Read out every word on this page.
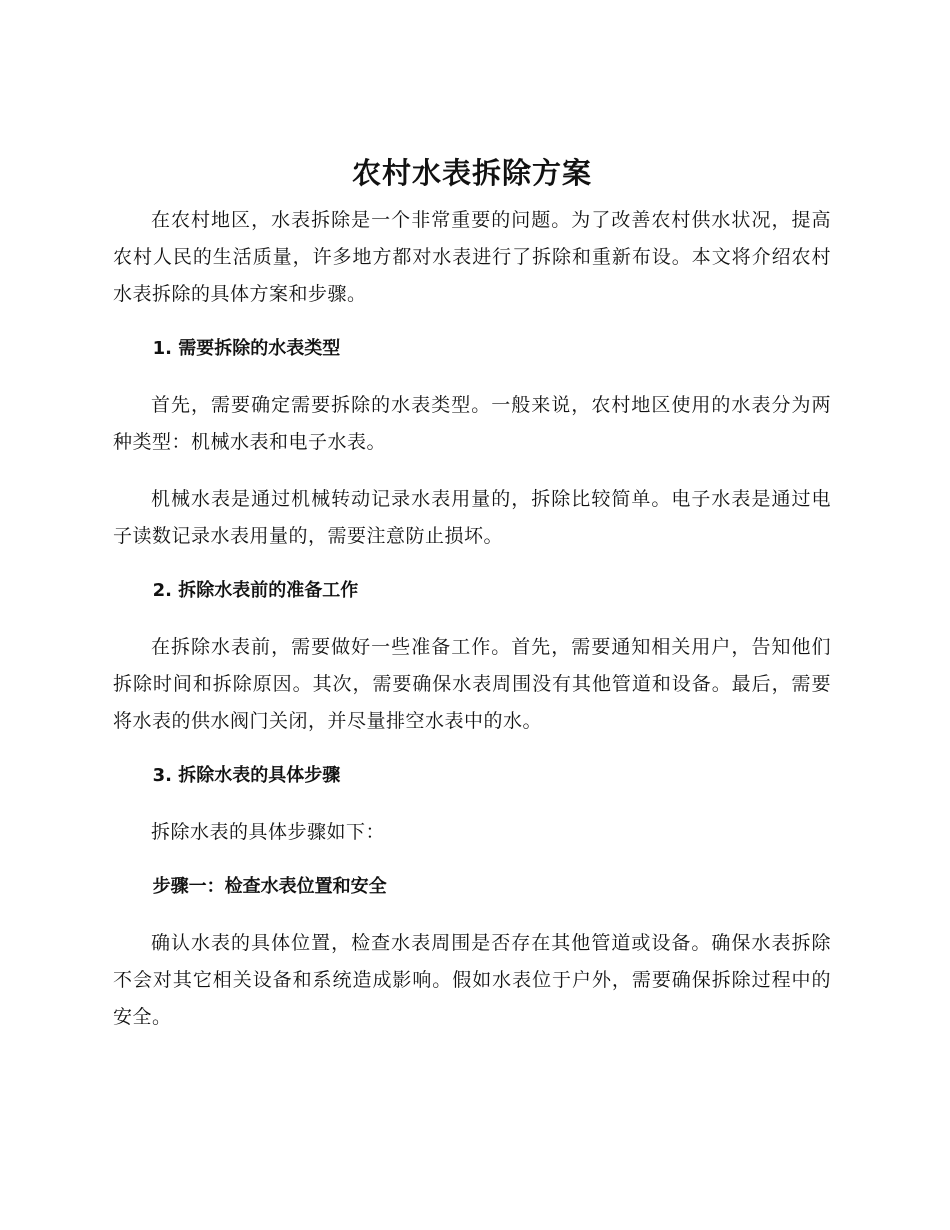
农村水表拆除方案

在农村地区，水表拆除是一个非常重要的问题。为了改善农村供水状况，提高农村人民的生活质量，许多地方都对水表进行了拆除和重新布设。本文将介绍农村水表拆除的具体方案和步骤。

1. 需要拆除的水表类型

首先，需要确定需要拆除的水表类型。一般来说，农村地区使用的水表分为两种类型：机械水表和电子水表。

机械水表是通过机械转动记录水表用量的，拆除比较简单。电子水表是通过电子读数记录水表用量的，需要注意防止损坏。

2. 拆除水表前的准备工作

在拆除水表前，需要做好一些准备工作。首先，需要通知相关用户，告知他们拆除时间和拆除原因。其次，需要确保水表周围没有其他管道和设备。最后，需要将水表的供水阀门关闭，并尽量排空水表中的水。

3. 拆除水表的具体步骤

拆除水表的具体步骤如下：

步骤一：检查水表位置和安全

确认水表的具体位置，检查水表周围是否存在其他管道或设备。确保水表拆除不会对其它相关设备和系统造成影响。假如水表位于户外，需要确保拆除过程中的安全。
